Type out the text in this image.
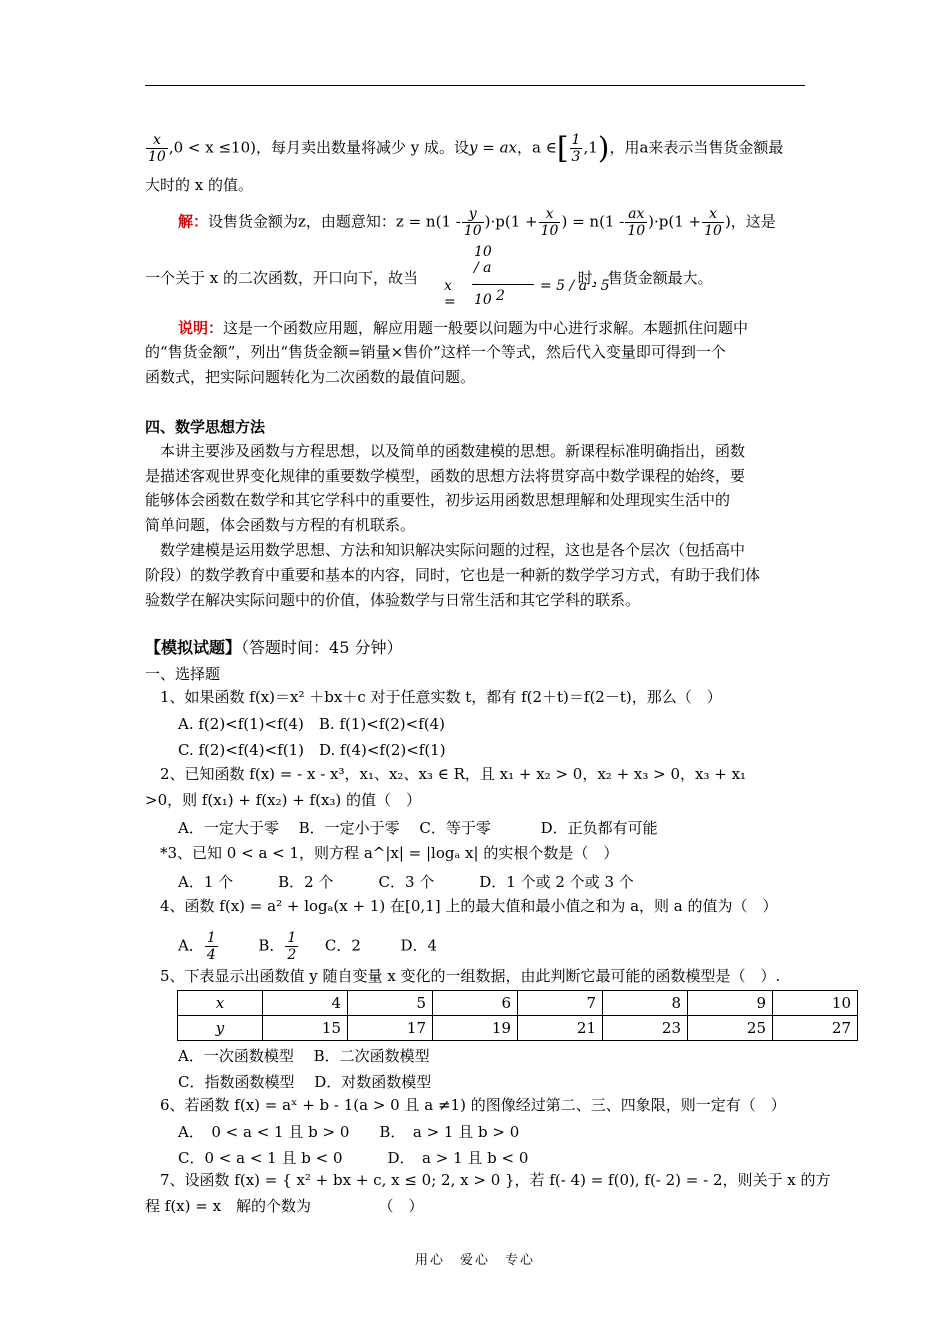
$\frac{x}{10} ,0 < x \le 10$)，每月卖出数量将减少 y 成。设y = ax，a ∈[ $\frac{1}{3} ,1$)，用a来表示当售货金额最
大时的 x 的值。
解：设售货金额为z，由题意知：$z = n(1 - \frac{y}{10} )\cdot p(1 + \frac{x}{10}$ ) = $n(1 - \frac{ax}{10} )\cdot p(1 + \frac{x}{10}$ )，这是
一个关于 x 的二次函数，开口向下，故当	时，售货金额最大。
x =
10 / a - 10 2
= 5 / a - 5
说明：这是一个函数应用题，解应用题一般要以问题为中心进行求解。本题抓住问题中
的“售货金额”，列出“售货金额=销量×售价”这样一个等式，然后代入变量即可得到一个
函数式，把实际问题转化为二次函数的最值问题。
四、数学思想方法
本讲主要涉及函数与方程思想，以及简单的函数建模的思想。新课程标准明确指出，函数
是描述客观世界变化规律的重要数学模型，函数的思想方法将贯穿高中数学课程的始终，要
能够体会函数在数学和其它学科中的重要性，初步运用函数思想理解和处理现实生活中的
简单问题，体会函数与方程的有机联系。
数学建模是运用数学思想、方法和知识解决实际问题的过程，这也是各个层次（包括高中
阶段）的数学教育中重要和基本的内容，同时，它也是一种新的数学学习方式，有助于我们体
验数学在解决实际问题中的价值，体验数学与日常生活和其它学科的联系。
【模拟试题】（答题时间：45 分钟）
一、选择题
1、如果函数 f(x)＝x² ＋bx＋c 对于任意实数 t，都有 f(2＋t)＝f(2－t)，那么（　）
A. f(2)<f(1)<f(4)　B. f(1)<f(2)<f(4)
C. f(2)<f(4)<f(1)　D. f(4)<f(2)<f(1)
2、已知函数 f(x) = - x - x³，x₁、x₂、x₃ ∈ R，且 x₁ + x₂ > 0，x₂ + x₃ > 0，x₃ + x₁
>0，则 f(x₁) + f(x₂) + f(x₃) 的值（　）
A．一定大于零　 B．一定小于零　 C．等于零　　　 D．正负都有可能
*3、已知 0 < a < 1，则方程 a^|x| = |logₐ x| 的实根个数是（　）
A．1 个　　　B．2 个　　　C．3 个　　　D．1 个或 2 个或 3 个
4、函数 f(x) = a² + logₐ(x + 1) 在[0,1] 上的最大值和最小值之和为 a，则 a 的值为（　）
A． $\frac{1}{4}$	B． $\frac{1}{2}$ C．2	D．4
5、下表显示出函数值 y 随自变量 x 变化的一组数据，由此判断它最可能的函数模型是（　）.
x	4	5	6	7	8	9	10
y	15	17	19	21	23	25	27
A．一次函数模型　 B．二次函数模型
C．指数函数模型　 D．对数函数模型
6、若函数 f(x) = aˣ + b - 1(a > 0 且 a ≠1) 的图像经过第二、三、四象限，则一定有（　）
A．　0 < a < 1 且 b > 0　　B．　a > 1 且 b > 0
C．0 < a < 1 且 b < 0　　　D．　a > 1 且 b < 0
7、设函数 f(x) = { x² + bx + c, x ≤ 0; 2, x > 0 }，若 f(- 4) = f(0), f(- 2) = - 2，则关于 x 的方
程 f(x) = x　解的个数为　　　　　（　）
用心　爱心　专心
